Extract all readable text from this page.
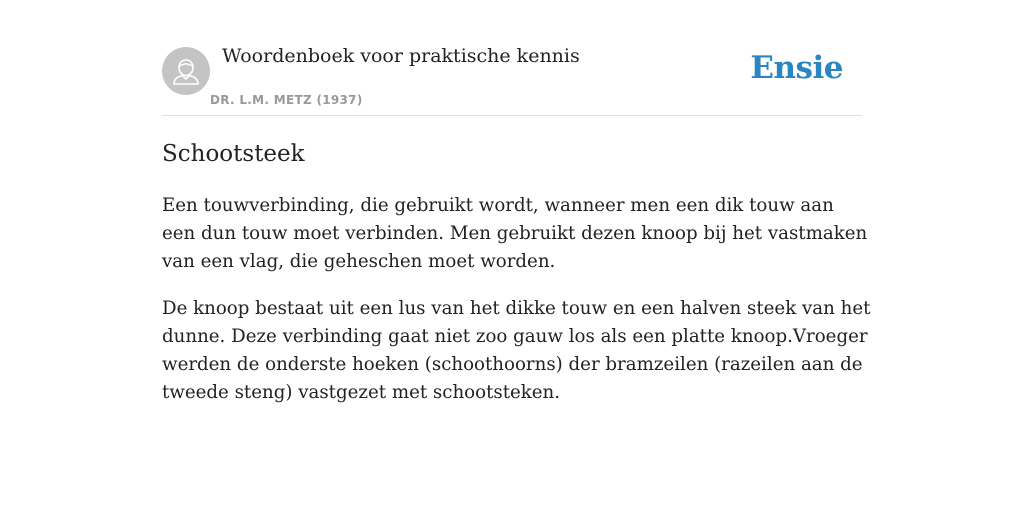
Woordenboek voor praktische kennis
DR. L.M. METZ (1937)
Ensie
Schootsteek

Een touwverbinding, die gebruikt wordt, wanneer men een dik touw aan een dun touw moet verbinden. Men gebruikt dezen knoop bij het vastmaken van een vlag, die geheschen moet worden.

De knoop bestaat uit een lus van het dikke touw en een halven steek van het dunne. Deze verbinding gaat niet zoo gauw los als een platte knoop.Vroeger werden de onderste hoeken (schoothoorns) der bramzeilen (razeilen aan de tweede steng) vastgezet met schootsteken.
